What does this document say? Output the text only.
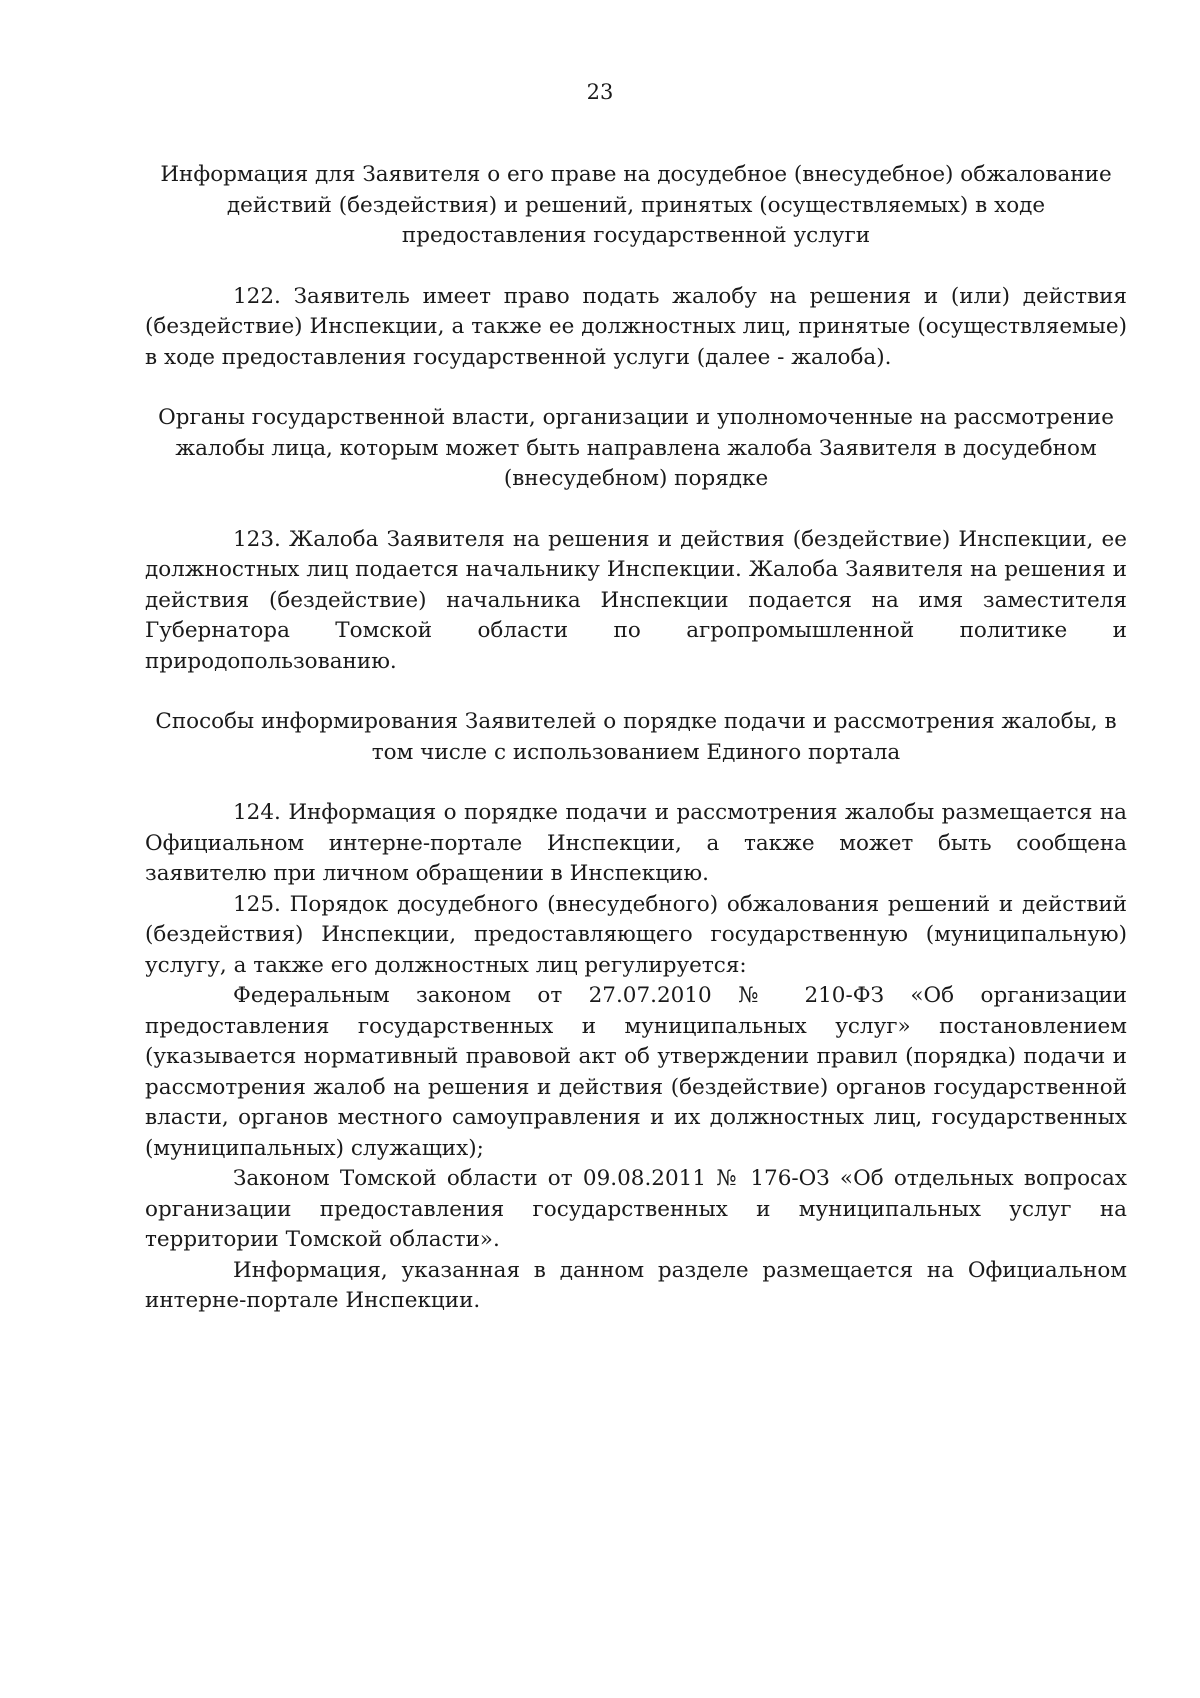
23

Информация для Заявителя о его праве на досудебное (внесудебное) обжалование действий (бездействия) и решений, принятых (осуществляемых) в ходе предоставления государственной услуги

122. Заявитель имеет право подать жалобу на решения и (или) действия (бездействие) Инспекции, а также ее должностных лиц, принятые (осуществляемые) в ходе предоставления государственной услуги (далее - жалоба).

Органы государственной власти, организации и уполномоченные на рассмотрение жалобы лица, которым может быть направлена жалоба Заявителя в досудебном (внесудебном) порядке

123. Жалоба Заявителя на решения и действия (бездействие) Инспекции, ее должностных лиц подается начальнику Инспекции. Жалоба Заявителя на решения и действия (бездействие) начальника Инспекции подается на имя заместителя Губернатора Томской области по агропромышленной политике и природопользованию.

Способы информирования Заявителей о порядке подачи и рассмотрения жалобы, в том числе с использованием Единого портала

124. Информация о порядке подачи и рассмотрения жалобы размещается на Официальном интерне-портале Инспекции, а также может быть сообщена заявителю при личном обращении в Инспекцию.

125. Порядок досудебного (внесудебного) обжалования решений и действий (бездействия) Инспекции, предоставляющего государственную (муниципальную) услугу, а также его должностных лиц регулируется:

Федеральным законом от 27.07.2010 № 210-ФЗ «Об организации предоставления государственных и муниципальных услуг» постановлением (указывается нормативный правовой акт об утверждении правил (порядка) подачи и рассмотрения жалоб на решения и действия (бездействие) органов государственной власти, органов местного самоуправления и их должностных лиц, государственных (муниципальных) служащих);

Законом Томской области от 09.08.2011 № 176-ОЗ «Об отдельных вопросах организации предоставления государственных и муниципальных услуг на территории Томской области».

Информация, указанная в данном разделе размещается на Официальном интерне-портале Инспекции.
